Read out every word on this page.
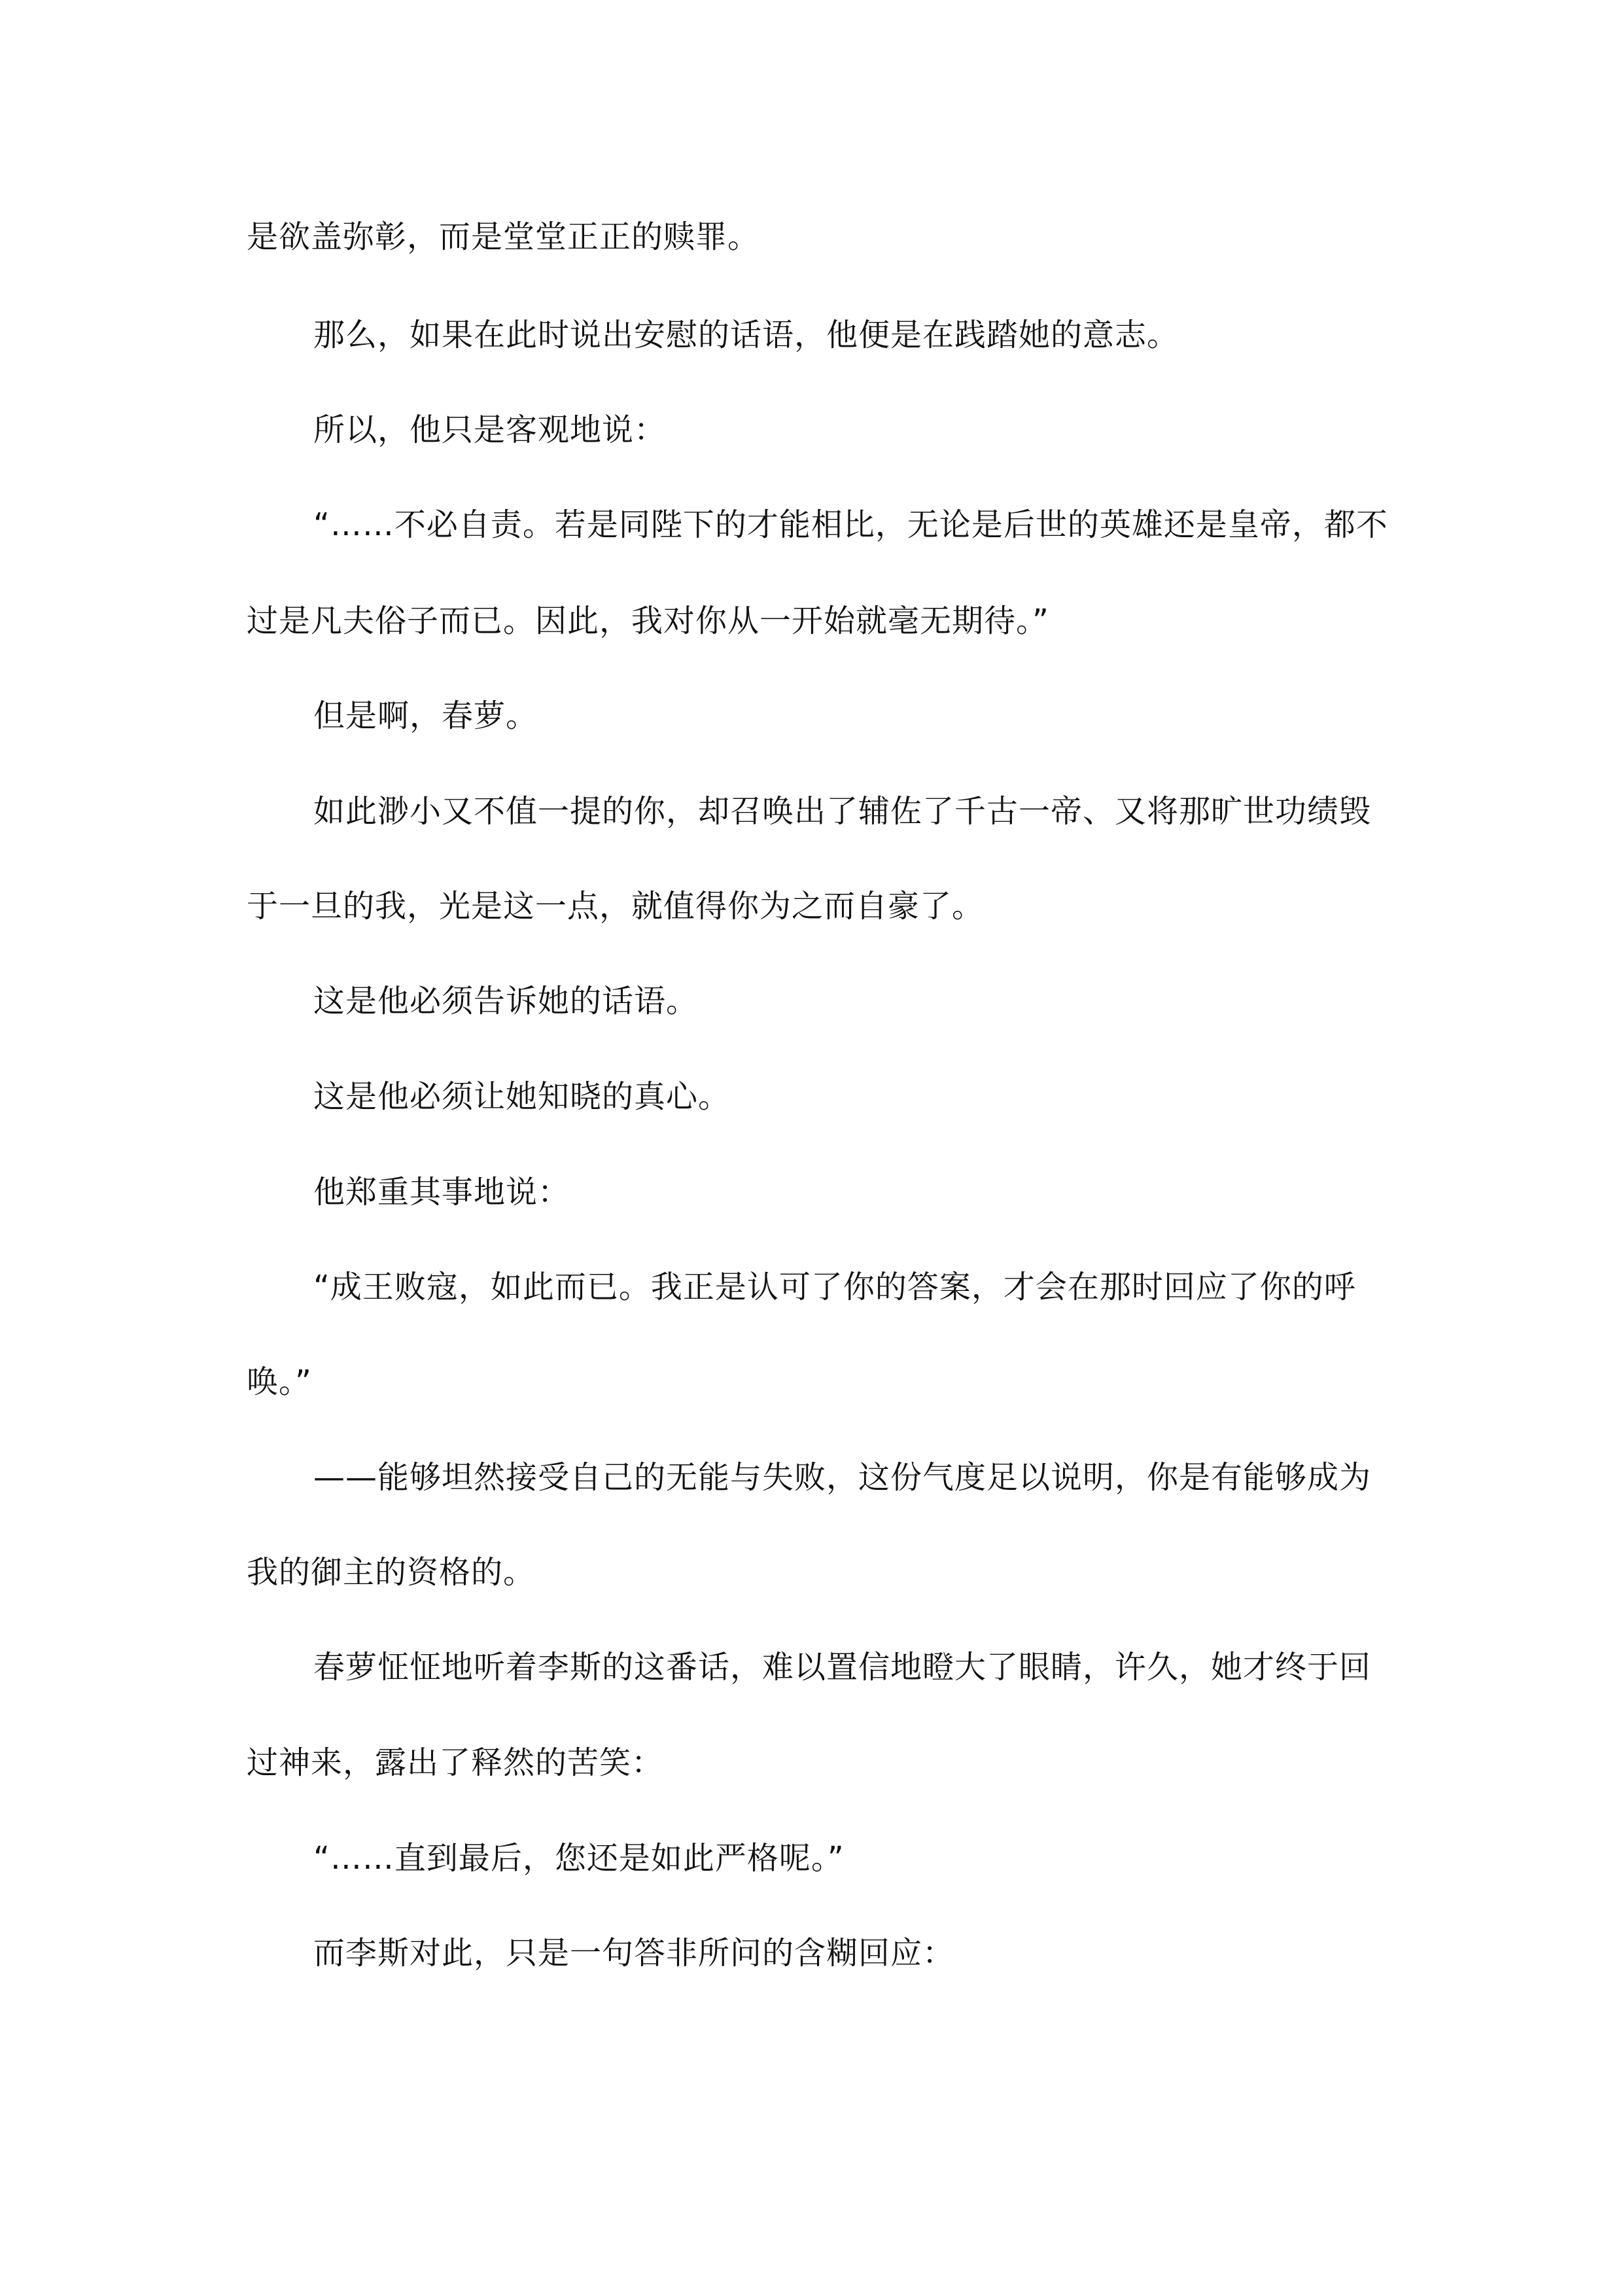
是欲盖弥彰，而是堂堂正正的赎罪。
那么，如果在此时说出安慰的话语，他便是在践踏她的意志。
所以，他只是客观地说：
“……不必自责。若是同陛下的才能相比，无论是后世的英雄还是皇帝，都不
过是凡夫俗子而已。因此，我对你从一开始就毫无期待。”
但是啊，春萝。
如此渺小又不值一提的你，却召唤出了辅佐了千古一帝、又将那旷世功绩毁
于一旦的我，光是这一点，就值得你为之而自豪了。
这是他必须告诉她的话语。
这是他必须让她知晓的真心。
他郑重其事地说：
“成王败寇，如此而已。我正是认可了你的答案，才会在那时回应了你的呼
唤。”
——能够坦然接受自己的无能与失败，这份气度足以说明，你是有能够成为
我的御主的资格的。
春萝怔怔地听着李斯的这番话，难以置信地瞪大了眼睛，许久，她才终于回
过神来，露出了释然的苦笑：
“……直到最后，您还是如此严格呢。”
而李斯对此，只是一句答非所问的含糊回应：
